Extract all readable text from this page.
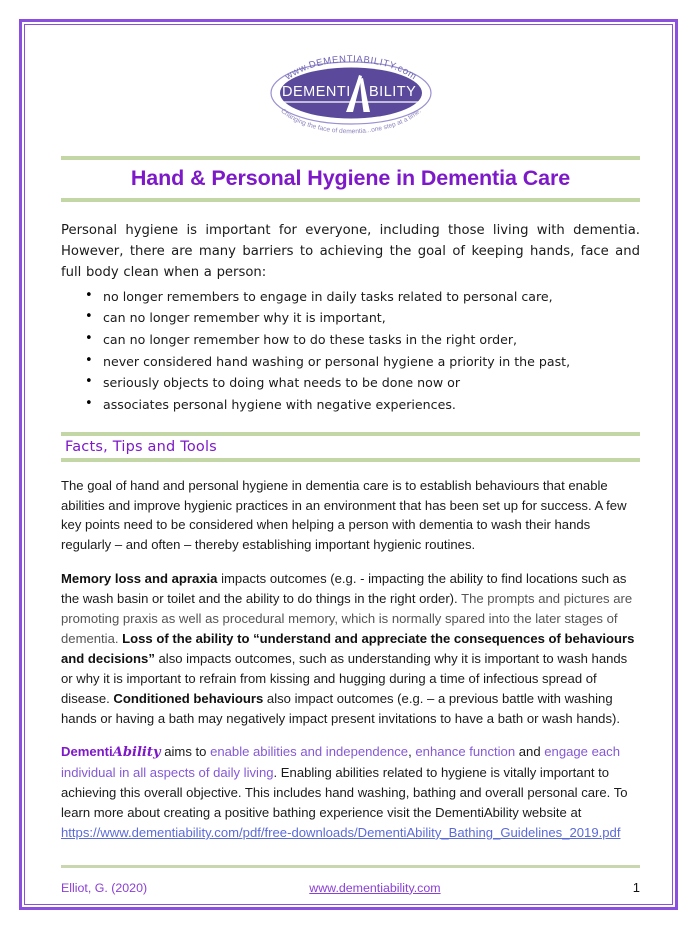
www.DEMENTIABILITY.com
Changing the face of dementia...one step at a time.
DEMENTI BILITY
Hand & Personal Hygiene in Dementia Care
Personal hygiene is important for everyone, including those living with dementia. However, there are many barriers to achieving the goal of keeping hands, face and full body clean when a person:
• no longer remembers to engage in daily tasks related to personal care,
• can no longer remember why it is important,
• can no longer remember how to do these tasks in the right order,
• never considered hand washing or personal hygiene a priority in the past,
• seriously objects to doing what needs to be done now or
• associates personal hygiene with negative experiences.
Facts, Tips and Tools
The goal of hand and personal hygiene in dementia care is to establish behaviours that enable abilities and improve hygienic practices in an environment that has been set up for success. A few key points need to be considered when helping a person with dementia to wash their hands regularly – and often – thereby establishing important hygienic routines.
Memory loss and apraxia impacts outcomes (e.g. - impacting the ability to find locations such as the wash basin or toilet and the ability to do things in the right order). The prompts and pictures are promoting praxis as well as procedural memory, which is normally spared into the later stages of dementia. Loss of the ability to “understand and appreciate the consequences of behaviours and decisions” also impacts outcomes, such as understanding why it is important to wash hands or why it is important to refrain from kissing and hugging during a time of infectious spread of disease. Conditioned behaviours also impact outcomes (e.g. – a previous battle with washing hands or having a bath may negatively impact present invitations to have a bath or wash hands).
DementiAbility aims to enable abilities and independence, enhance function and engage each individual in all aspects of daily living. Enabling abilities related to hygiene is vitally important to achieving this overall objective. This includes hand washing, bathing and overall personal care. To learn more about creating a positive bathing experience visit the DementiAbility website at https://www.dementiability.com/pdf/free-downloads/DementiAbility_Bathing_Guidelines_2019.pdf
Elliot, G. (2020)	www.dementiability.com	1
